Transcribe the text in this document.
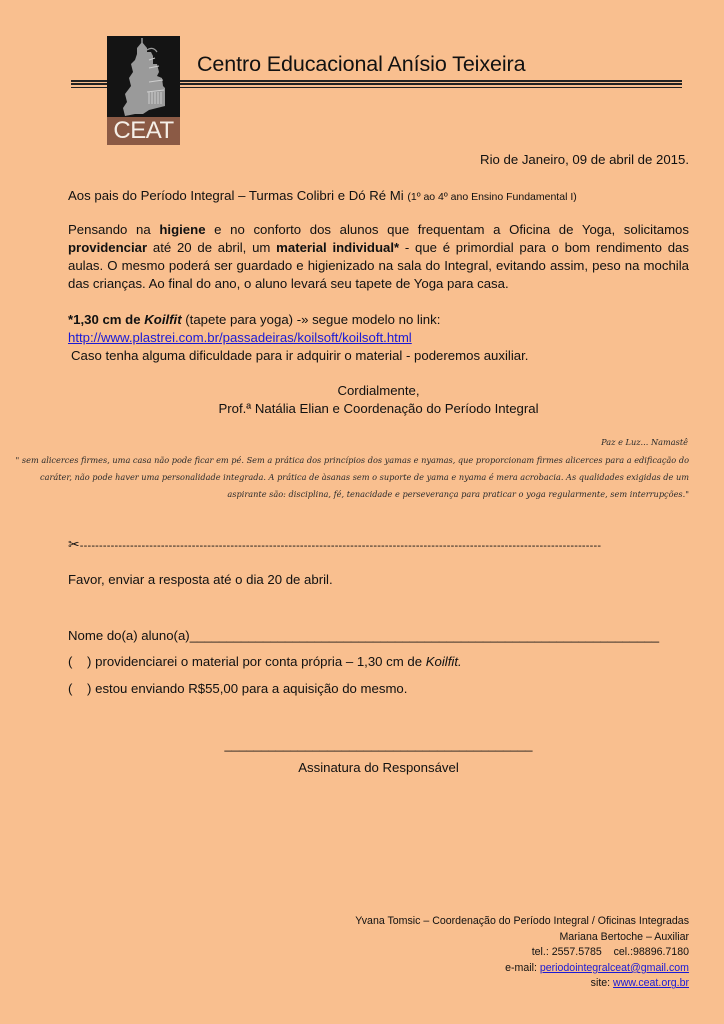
CEAT
Centro Educacional Anísio Teixeira
Rio de Janeiro, 09 de abril de 2015.
Aos pais do Período Integral – Turmas Colibri e Dó Ré Mi (1º ao 4º ano Ensino Fundamental I)
Pensando na higiene e no conforto dos alunos que frequentam a Oficina de Yoga, solicitamos providenciar até 20 de abril, um material individual* - que é primordial para o bom rendimento das aulas. O mesmo poderá ser guardado e higienizado na sala do Integral, evitando assim, peso na mochila das crianças. Ao final do ano, o aluno levará seu tapete de Yoga para casa.
*1,30 cm de Koilfit (tapete para yoga) -» segue modelo no link:
http://www.plastrei.com.br/passadeiras/koilsoft/koilsoft.html
Caso tenha alguma dificuldade para ir adquirir o material - poderemos auxiliar.
Cordialmente,
Prof.ª Natália Elian e Coordenação do Período Integral
Paz e Luz... Namastê
" sem alicerces firmes, uma casa não pode ficar em pé. Sem a prática dos princípios dos yamas e nyamas, que proporcionam firmes alicerces para a edificação do
caráter, não pode haver uma personalidade integrada. A prática de àsanas sem o suporte de yama e nyama é mera acrobacia. As qualidades exigidas de um
aspirante são: disciplina, fé, tenacidade e perseverança para praticar o yoga regularmente, sem interrupções."
✂---------------------------------------------------------------------------------------------------------------------------------------
Favor, enviar a resposta até o dia 20 de abril.
Nome do(a) aluno(a)________________________________________________________________
(    ) providenciarei o material por conta própria – 1,30 cm de Koilfit.
(    ) estou enviando R$55,00 para a aquisição do mesmo.
__________________________________________
Assinatura do Responsável
Yvana Tomsic – Coordenação do Período Integral / Oficinas Integradas
Mariana Bertoche – Auxiliar
tel.: 2557.5785    cel.:98896.7180
e-mail: periodointegralceat@gmail.com
site: www.ceat.org.br
